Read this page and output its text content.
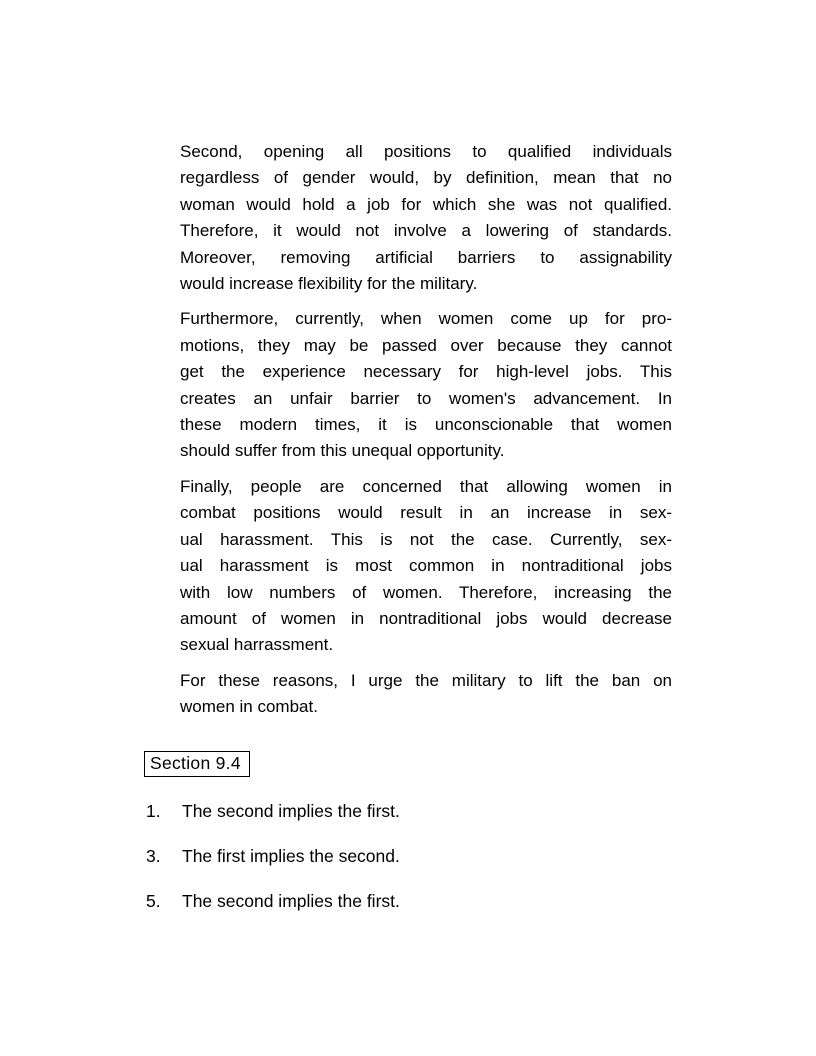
Second, opening all positions to qualified individuals
regardless of gender would, by definition, mean that no
woman would hold a job for which she was not qualified.
Therefore, it would not involve a lowering of standards.
Moreover, removing artificial barriers to assignability
would increase flexibility for the military.
Furthermore, currently, when women come up for pro-
motions, they may be passed over because they cannot
get the experience necessary for high-level jobs. This
creates an unfair barrier to women's advancement. In
these modern times, it is unconscionable that women
should suffer from this unequal opportunity.
Finally, people are concerned that allowing women in
combat positions would result in an increase in sex-
ual harassment. This is not the case. Currently, sex-
ual harassment is most common in nontraditional jobs
with low numbers of women. Therefore, increasing the
amount of women in nontraditional jobs would decrease
sexual harrassment.
For these reasons, I urge the military to lift the ban on
women in combat.
Section 9.4
1.	The second implies the first.
3.	The first implies the second.
5.	The second implies the first.
